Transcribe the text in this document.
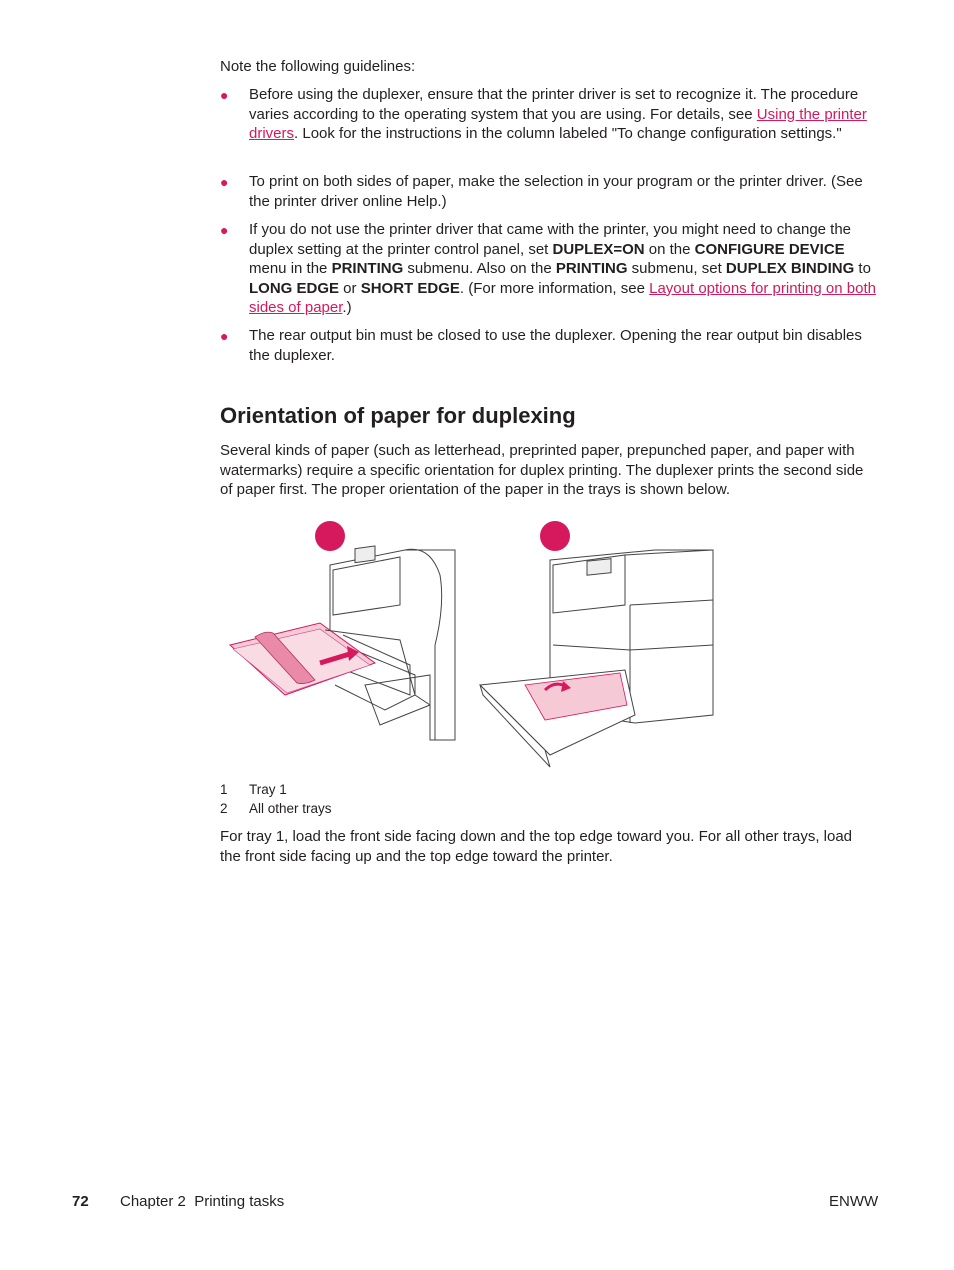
Note the following guidelines:
● Before using the duplexer, ensure that the printer driver is set to recognize it. The procedure varies according to the operating system that you are using. For details, see Using the printer drivers. Look for the instructions in the column labeled "To change configuration settings."
● To print on both sides of paper, make the selection in your program or the printer driver. (See the printer driver online Help.)
● If you do not use the printer driver that came with the printer, you might need to change the duplex setting at the printer control panel, set DUPLEX=ON on the CONFIGURE DEVICE menu in the PRINTING submenu. Also on the PRINTING submenu, set DUPLEX BINDING to LONG EDGE or SHORT EDGE. (For more information, see Layout options for printing on both sides of paper.)
● The rear output bin must be closed to use the duplexer. Opening the rear output bin disables the duplexer.
Orientation of paper for duplexing
Several kinds of paper (such as letterhead, preprinted paper, prepunched paper, and paper with watermarks) require a specific orientation for duplex printing. The duplexer prints the second side of paper first. The proper orientation of the paper in the trays is shown below.
1 Tray 1
2 All other trays
For tray 1, load the front side facing down and the top edge toward you. For all other trays, load the front side facing up and the top edge toward the printer.
72 Chapter 2  Printing tasks	ENWW
